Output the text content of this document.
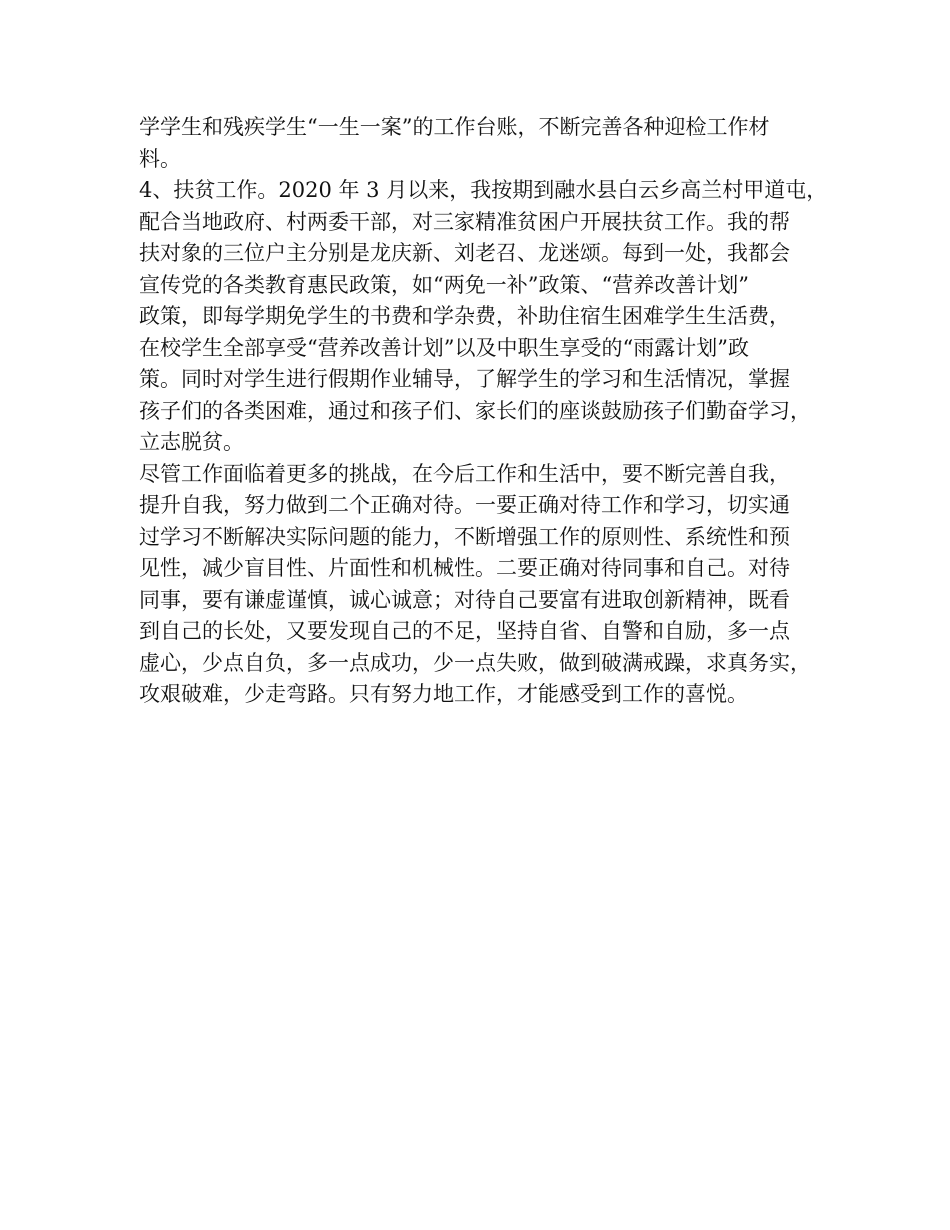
学学生和残疾学生“一生一案”的工作台账，不断完善各种迎检工作材
料。

4、扶贫工作。2020 年 3 月以来，我按期到融水县白云乡高兰村甲道屯，
配合当地政府、村两委干部，对三家精准贫困户开展扶贫工作。我的帮
扶对象的三位户主分别是龙庆新、刘老召、龙迷颂。每到一处，我都会
宣传党的各类教育惠民政策，如“两免一补”政策、“营养改善计划”
政策，即每学期免学生的书费和学杂费，补助住宿生困难学生生活费，
在校学生全部享受“营养改善计划”以及中职生享受的“雨露计划”政
策。同时对学生进行假期作业辅导，了解学生的学习和生活情况，掌握
孩子们的各类困难，通过和孩子们、家长们的座谈鼓励孩子们勤奋学习，
立志脱贫。

尽管工作面临着更多的挑战，在今后工作和生活中，要不断完善自我，
提升自我，努力做到二个正确对待。一要正确对待工作和学习，切实通
过学习不断解决实际问题的能力，不断增强工作的原则性、系统性和预
见性，减少盲目性、片面性和机械性。二要正确对待同事和自己。对待
同事，要有谦虚谨慎，诚心诚意；对待自己要富有进取创新精神，既看
到自己的长处，又要发现自己的不足，坚持自省、自警和自励，多一点
虚心，少点自负，多一点成功，少一点失败，做到破满戒躁，求真务实，
攻艰破难，少走弯路。只有努力地工作，才能感受到工作的喜悦。
